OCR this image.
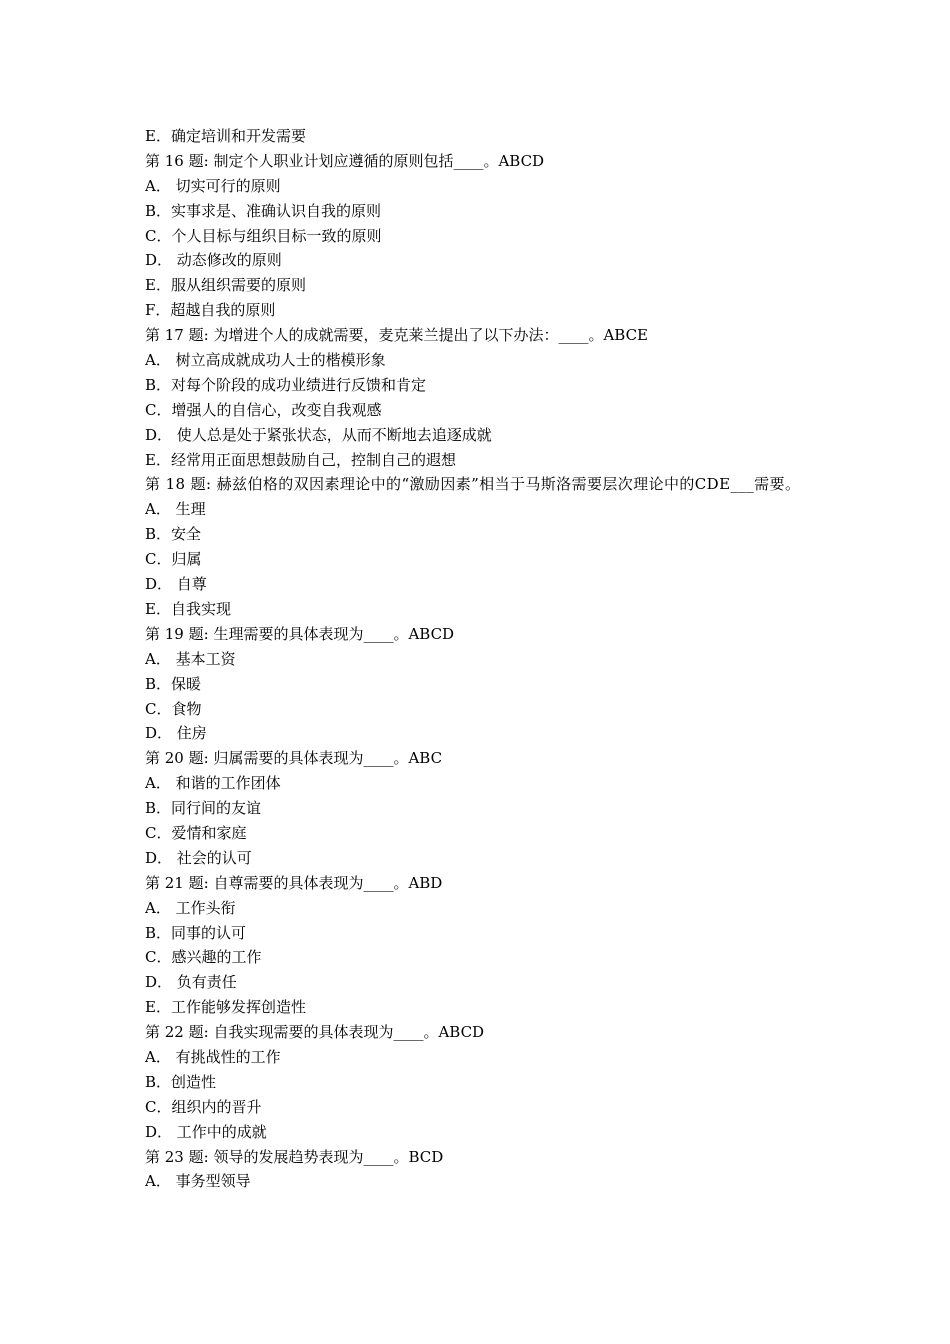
E．确定培训和开发需要
第 16 题: 制定个人职业计划应遵循的原则包括____。ABCD
A． 切实可行的原则
B．实事求是、准确认识自我的原则
C．个人目标与组织目标一致的原则
D． 动态修改的原则
E．服从组织需要的原则
F．超越自我的原则
第 17 题: 为增进个人的成就需要，麦克莱兰提出了以下办法：____。ABCE
A． 树立高成就成功人士的楷模形象
B．对每个阶段的成功业绩进行反馈和肯定
C．增强人的自信心，改变自我观感
D． 使人总是处于紧张状态，从而不断地去追逐成就
E．经常用正面思想鼓励自己，控制自己的遐想
第 18 题: 赫兹伯格的双因素理论中的“激励因素”相当于马斯洛需要层次理论中的CDE___需要。
A． 生理
B．安全
C．归属
D． 自尊
E．自我实现
第 19 题: 生理需要的具体表现为____。ABCD
A． 基本工资
B．保暖
C．食物
D． 住房
第 20 题: 归属需要的具体表现为____。ABC
A． 和谐的工作团体
B．同行间的友谊
C．爱情和家庭
D． 社会的认可
第 21 题: 自尊需要的具体表现为____。ABD
A． 工作头衔
B．同事的认可
C．感兴趣的工作
D． 负有责任
E．工作能够发挥创造性
第 22 题: 自我实现需要的具体表现为____。ABCD
A． 有挑战性的工作
B．创造性
C．组织内的晋升
D． 工作中的成就
第 23 题: 领导的发展趋势表现为____。BCD
A． 事务型领导
